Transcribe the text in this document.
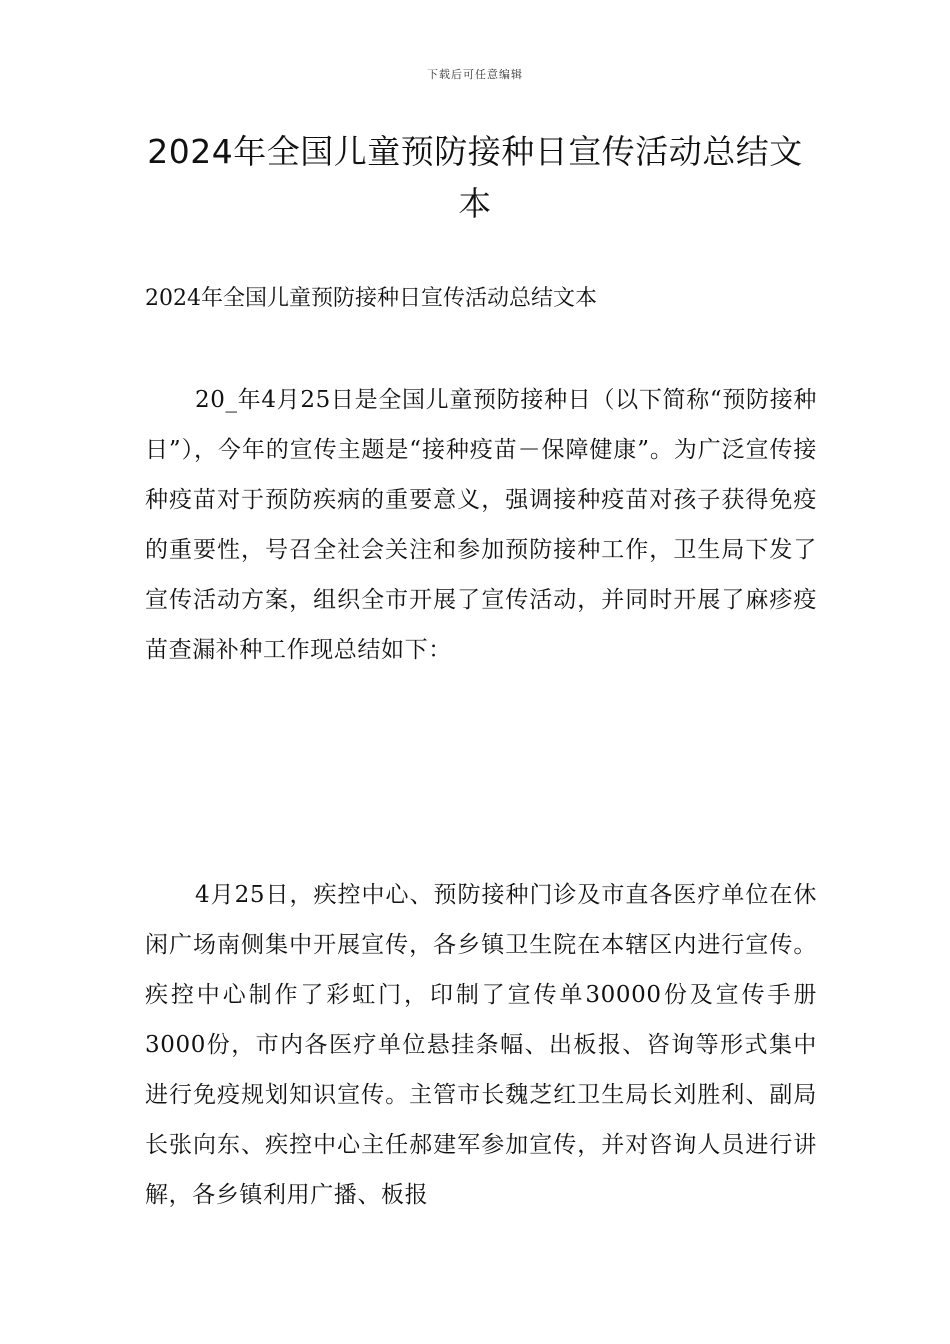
下载后可任意编辑
2024年全国儿童预防接种日宣传活动总结文本
2024年全国儿童预防接种日宣传活动总结文本

20_年4月25日是全国儿童预防接种日（以下简称“预防接种日”），今年的宣传主题是“接种疫苗－保障健康”。为广泛宣传接种疫苗对于预防疾病的重要意义，强调接种疫苗对孩子获得免疫的重要性，号召全社会关注和参加预防接种工作，卫生局下发了宣传活动方案，组织全市开展了宣传活动，并同时开展了麻疹疫苗查漏补种工作现总结如下：

4月25日，疾控中心、预防接种门诊及市直各医疗单位在休闲广场南侧集中开展宣传，各乡镇卫生院在本辖区内进行宣传。疾控中心制作了彩虹门，印制了宣传单30000份及宣传手册3000份，市内各医疗单位悬挂条幅、出板报、咨询等形式集中进行免疫规划知识宣传。主管市长魏芝红卫生局长刘胜利、副局长张向东、疾控中心主任郝建军参加宣传，并对咨询人员进行讲解，各乡镇利用广播、板报
